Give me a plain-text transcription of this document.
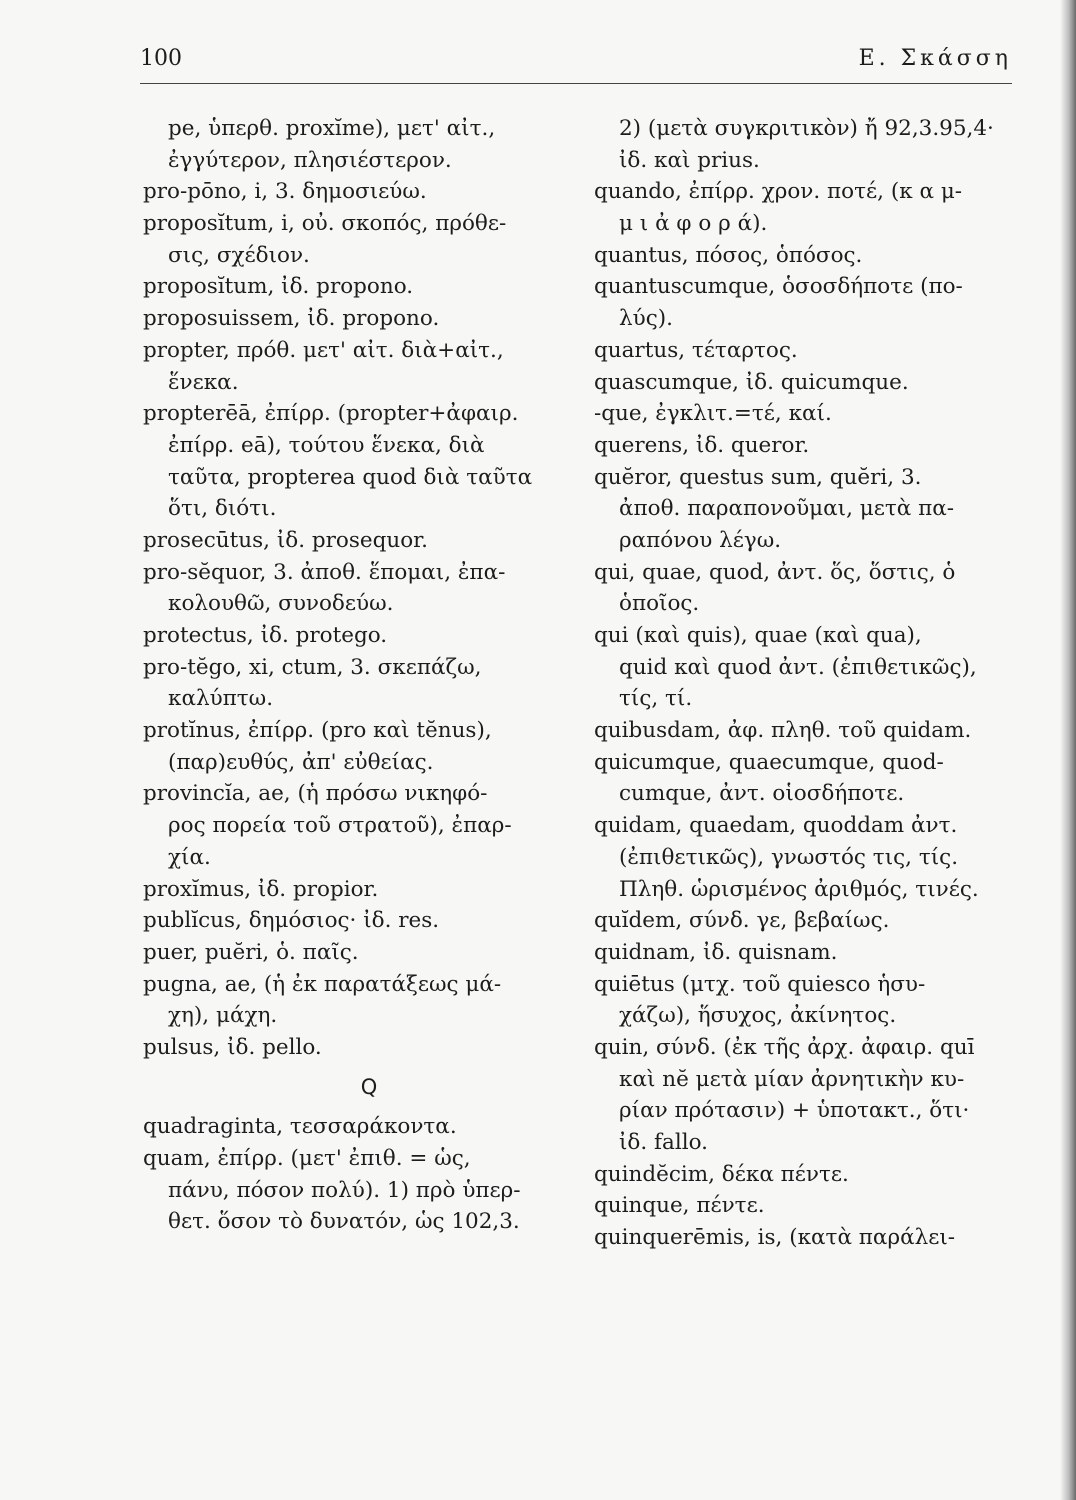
100	Ε. Σκάσση
pe, ὑπερθ. proxĭme), μετ' αἰτ.,
ἐγγύτερον, πλησιέστερον.
pro-pōno, i, 3. δημοσιεύω.
proposĭtum, i, οὐ. σκοπός, πρόθε-
σις, σχέδιον.
proposĭtum, ἰδ. propono.
proposuissem, ἰδ. propono.
propter, πρόθ. μετ' αἰτ. διὰ+αἰτ.,
ἕνεκα.
propterēā, ἐπίρρ. (propter+ἀφαιρ.
ἐπίρρ. eā), τούτου ἕνεκα, διὰ
ταῦτα, propterea quod διὰ ταῦτα
ὅτι, διότι.
prosecūtus, ἰδ. prosequor.
pro-sĕquor, 3. ἀποθ. ἕπομαι, ἐπα-
κολουθῶ, συνοδεύω.
protectus, ἰδ. protego.
pro-tĕgo, xi, ctum, 3. σκεπάζω,
καλύπτω.
protĭnus, ἐπίρρ. (pro καὶ tĕnus),
(παρ)ευθύς, ἀπ' εὐθείας.
provincĭa, ae, (ἡ πρόσω νικηφό-
ρος πορεία τοῦ στρατοῦ), ἐπαρ-
χία.
proxĭmus, ἰδ. propior.
publĭcus, δημόσιος· ἰδ. res.
puer, puĕri, ὁ. παῖς.
pugna, ae, (ἡ ἐκ παρατάξεως μά-
χη), μάχη.
pulsus, ἰδ. pello.
Q
quadraginta, τεσσαράκοντα.
quam, ἐπίρρ. (μετ' ἐπιθ. = ὡς,
πάνυ, πόσον πολύ). 1) πρὸ ὑπερ-
θετ. ὅσον τὸ δυνατόν, ὡς 102,3.
2) (μετὰ συγκριτικὸν) ἤ 92,3.95,4·
ἰδ. καὶ prius.
quando, ἐπίρρ. χρον. ποτέ, (κ α μ-
μ ι ἀ φ ο ρ ά).
quantus, πόσος, ὁπόσος.
quantuscumque, ὁσοσδήποτε (πο-
λύς).
quartus, τέταρτος.
quascumque, ἰδ. quicumque.
-que, ἐγκλιτ.=τέ, καί.
querens, ἰδ. queror.
quĕror, questus sum, quĕri, 3.
ἀποθ. παραπονοῦμαι, μετὰ πα-
ραπόνου λέγω.
qui, quae, quod, ἀντ. ὅς, ὅστις, ὁ
ὁποῖος.
qui (καὶ quis), quae (καὶ qua),
quid καὶ quod ἀντ. (ἐπιθετικῶς),
τίς, τί.
quibusdam, ἀφ. πληθ. τοῦ quidam.
quicumque, quaecumque, quod-
cumque, ἀντ. οἱοσδήποτε.
quidam, quaedam, quoddam ἀντ.
(ἐπιθετικῶς), γνωστός τις, τίς.
Πληθ. ὡρισμένος ἀριθμός, τινές.
quĭdem, σύνδ. γε, βεβαίως.
quidnam, ἰδ. quisnam.
quiētus (μτχ. τοῦ quiesco ἡσυ-
χάζω), ἥσυχος, ἀκίνητος.
quin, σύνδ. (ἐκ τῆς ἀρχ. ἀφαιρ. quī
καὶ nĕ μετὰ μίαν ἀρνητικὴν κυ-
ρίαν πρότασιν) + ὑποτακτ., ὅτι·
ἰδ. fallo.
quindĕcim, δέκα πέντε.
quinque, πέντε.
quinquerēmis, is, (κατὰ παράλει-
